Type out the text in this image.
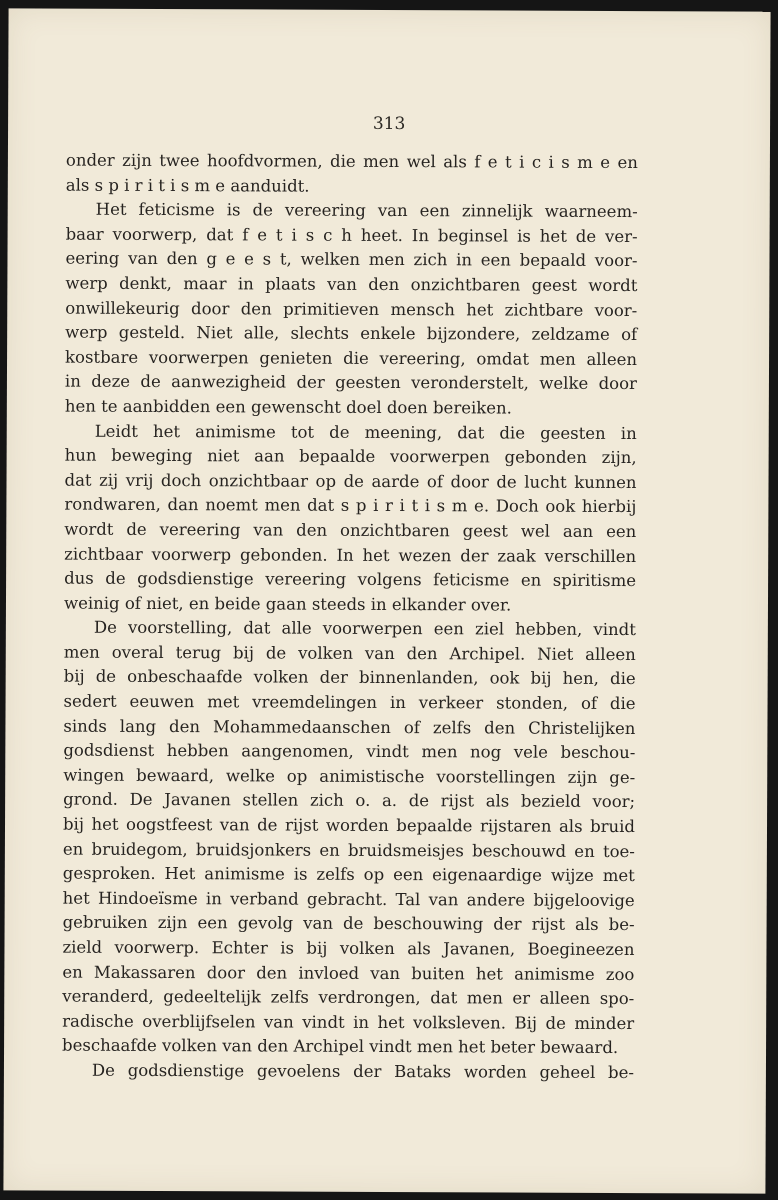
313

onder zijn twee hoofdvormen, die men wel als f e t i c i s m e en
als s p i r i t i s m e aanduidt.
Het feticisme is de vereering van een zinnelijk waarneem-
baar voorwerp, dat f e t i s c h heet. In beginsel is het de ver-
eering van den g e e s t, welken men zich in een bepaald voor-
werp denkt, maar in plaats van den onzichtbaren geest wordt
onwillekeurig door den primitieven mensch het zichtbare voor-
werp gesteld. Niet alle, slechts enkele bijzondere, zeldzame of
kostbare voorwerpen genieten die vereering, omdat men alleen
in deze de aanwezigheid der geesten veronderstelt, welke door
hen te aanbidden een gewenscht doel doen bereiken.
Leidt het animisme tot de meening, dat die geesten in
hun beweging niet aan bepaalde voorwerpen gebonden zijn,
dat zij vrij doch onzichtbaar op de aarde of door de lucht kunnen
rondwaren, dan noemt men dat s p i r i t i s m e. Doch ook hierbij
wordt de vereering van den onzichtbaren geest wel aan een
zichtbaar voorwerp gebonden. In het wezen der zaak verschillen
dus de godsdienstige vereering volgens feticisme en spiritisme
weinig of niet, en beide gaan steeds in elkander over.
De voorstelling, dat alle voorwerpen een ziel hebben, vindt
men overal terug bij de volken van den Archipel. Niet alleen
bij de onbeschaafde volken der binnenlanden, ook bij hen, die
sedert eeuwen met vreemdelingen in verkeer stonden, of die
sinds lang den Mohammedaanschen of zelfs den Christelijken
godsdienst hebben aangenomen, vindt men nog vele beschou-
wingen bewaard, welke op animistische voorstellingen zijn ge-
grond. De Javanen stellen zich o. a. de rijst als bezield voor;
bij het oogstfeest van de rijst worden bepaalde rijstaren als bruid
en bruidegom, bruidsjonkers en bruidsmeisjes beschouwd en toe-
gesproken. Het animisme is zelfs op een eigenaardige wijze met
het Hindoeïsme in verband gebracht. Tal van andere bijgeloovige
gebruiken zijn een gevolg van de beschouwing der rijst als be-
zield voorwerp. Echter is bij volken als Javanen, Boegineezen
en Makassaren door den invloed van buiten het animisme zoo
veranderd, gedeeltelijk zelfs verdrongen, dat men er alleen spo-
radische overblijfselen van vindt in het volksleven. Bij de minder
beschaafde volken van den Archipel vindt men het beter bewaard.
De godsdienstige gevoelens der Bataks worden geheel be-
